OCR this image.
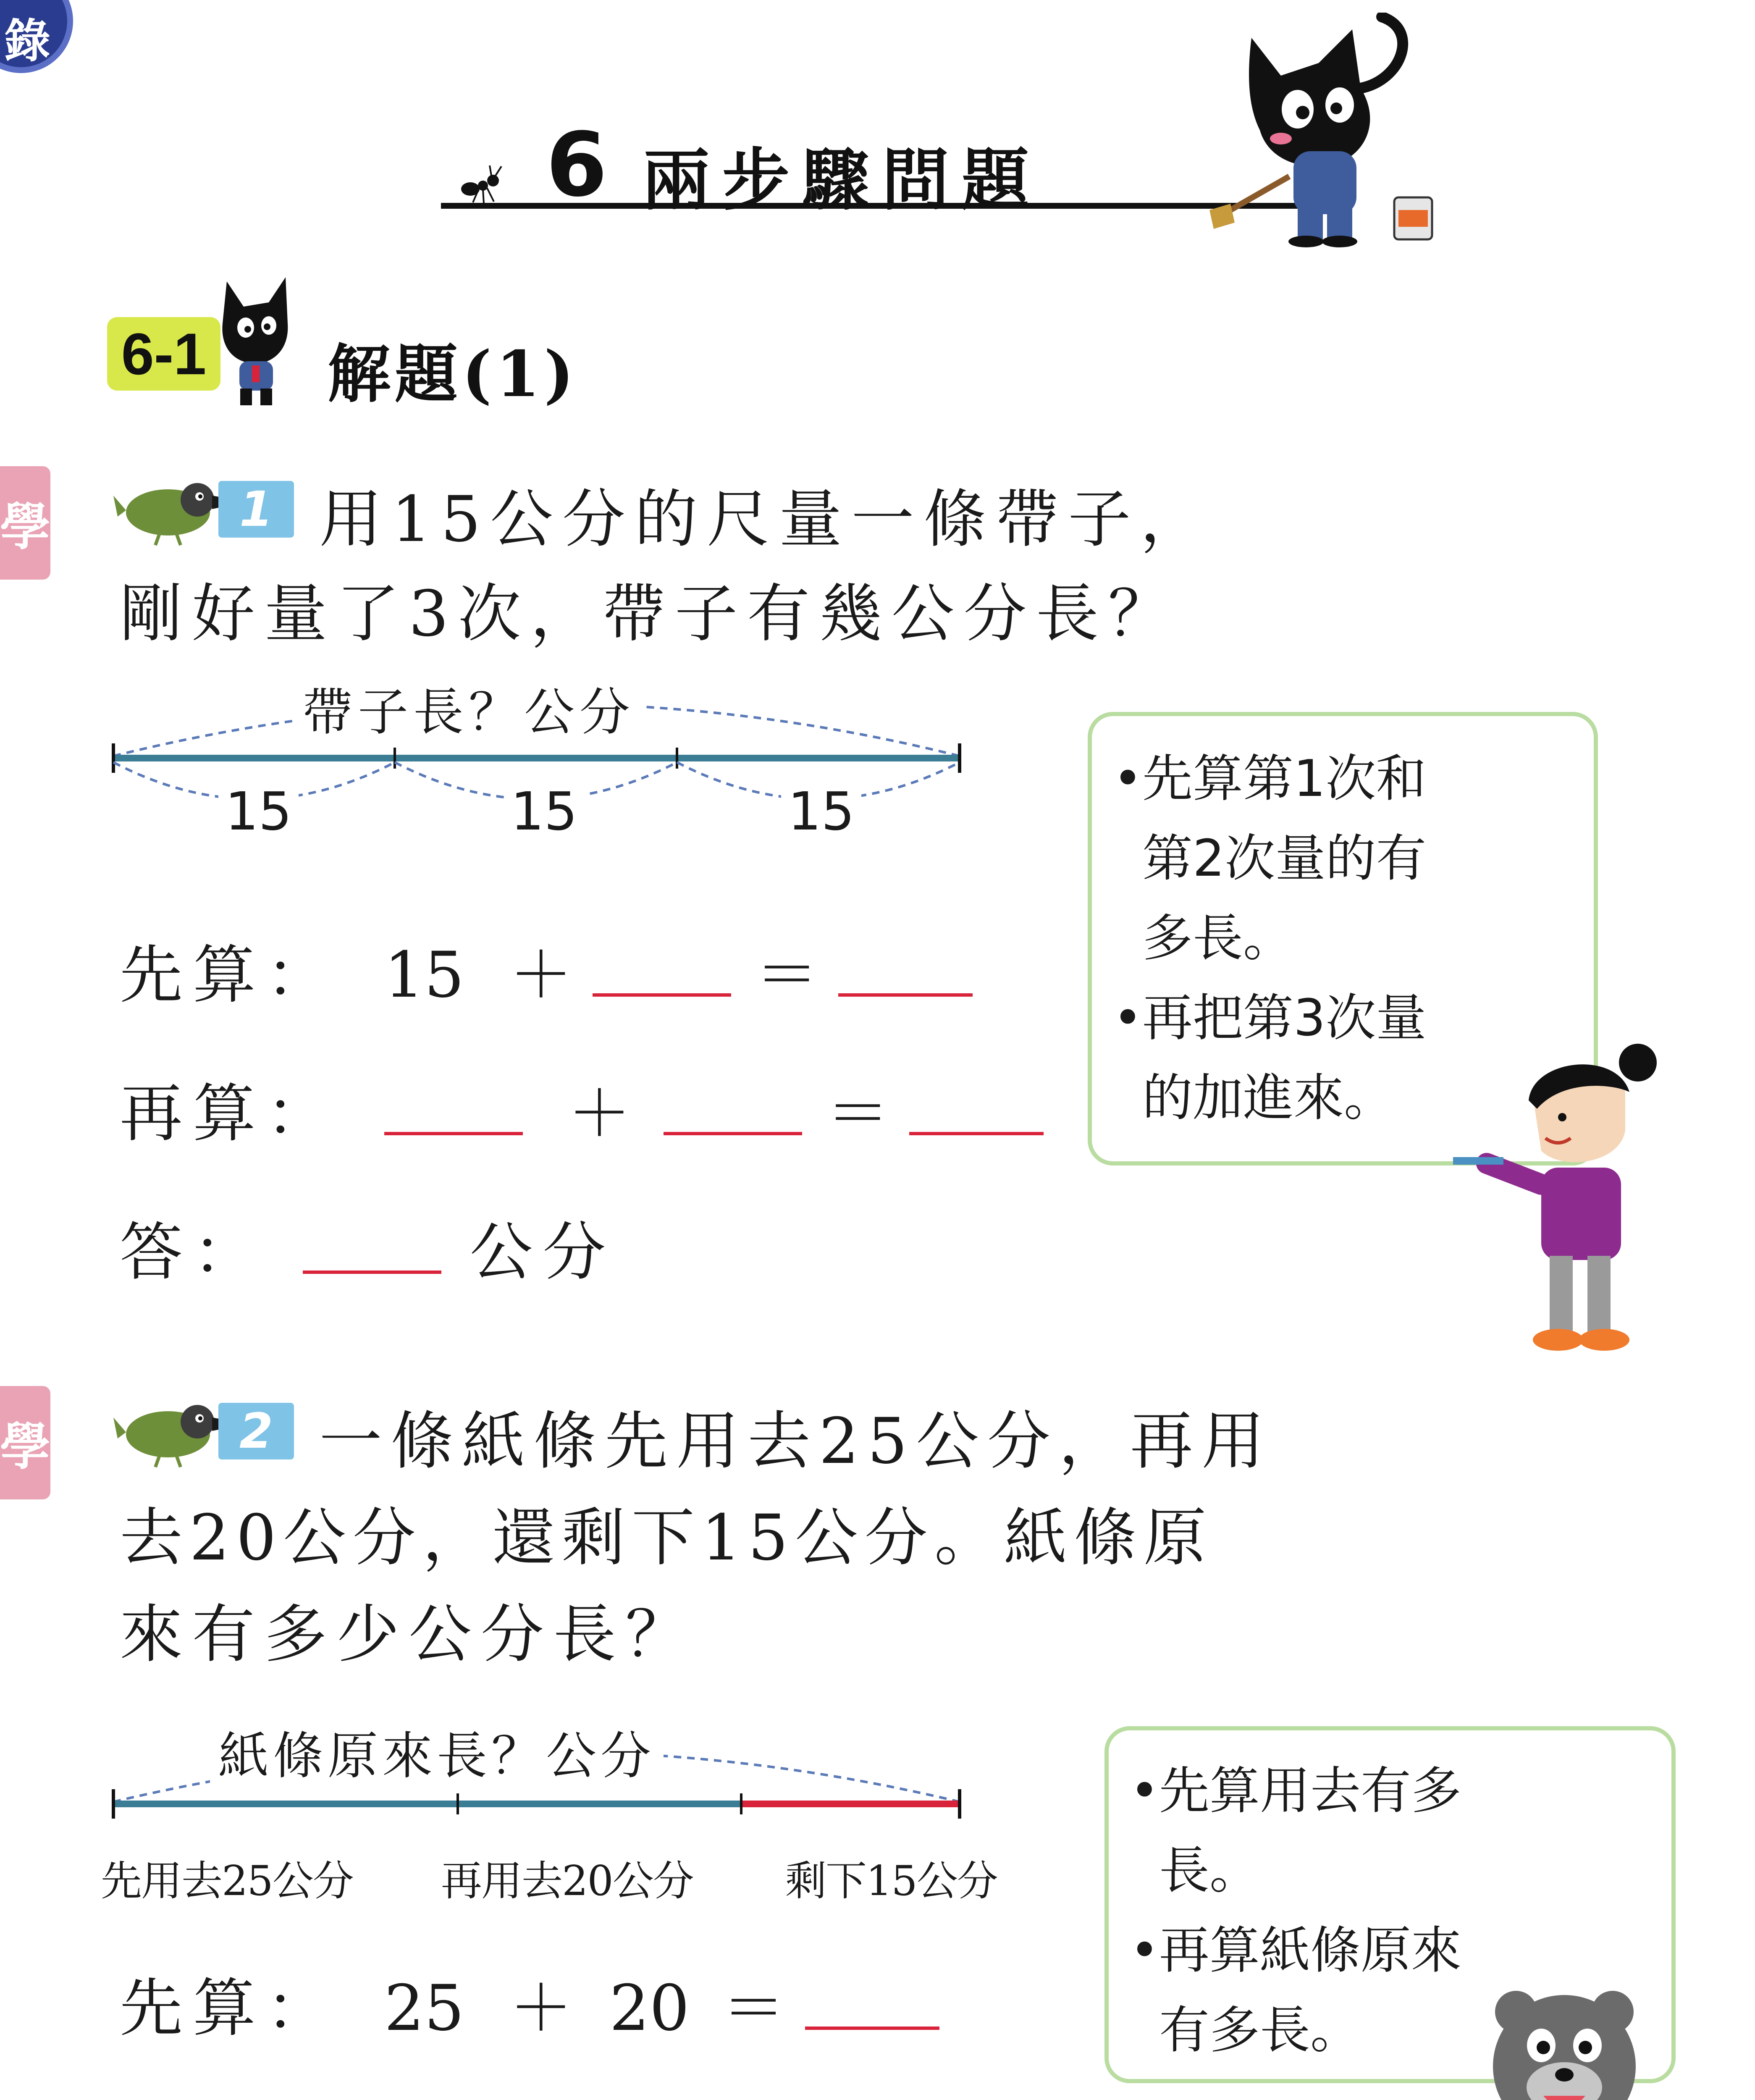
錄
6 兩步驟問題
6-1 解題(1)
學	1 用15公分的尺量一條帶子，
剛好量了3次，帶子有幾公分長？
帶子長？公分
15	15	15
先算： 15 ＋	＝
再算：	＋	＝
答：	公分
• 先算第1次和
第2次量的有
多長。
• 再把第3次量
的加進來。
學	2 一條紙條先用去25公分，再用
去20公分，還剩下15公分。紙條原
來有多少公分長？
紙條原來長？公分
先用去25公分 再用去20公分 剩下15公分
先算： 25 ＋ 20 ＝

• 先算用去有多
長。
• 再算紙條原來
有多長。
